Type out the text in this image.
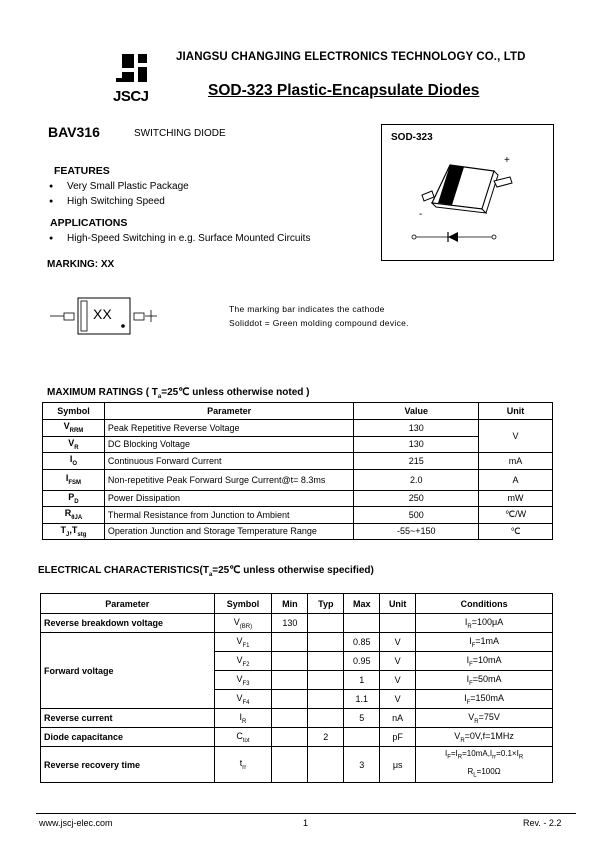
JSCJ
JIANGSU CHANGJING ELECTRONICS TECHNOLOGY CO., LTD
SOD-323 Plastic-Encapsulate Diodes
BAV316	SWITCHING DIODE	SOD-323
+
-
FEATURES
● Very Small Plastic Package
● High Switching Speed
APPLICATIONS
● High-Speed Switching in e.g. Surface Mounted Circuits
MARKING: XX
XX	The marking bar indicates the cathode
Soliddot = Green molding compound device.
MAXIMUM RATINGS ( $T_a=25℃$ unless otherwise noted )
Symbol	Parameter	Value	Unit
$V_{RRM}$	Peak Repetitive Reverse Voltage	130	V
$V_R$	DC Blocking Voltage	130	
$I_O$	Continuous Forward Current	215	mA
$I_{FSM}$	Non-repetitive Peak Forward Surge Current@t= 8.3ms	2.0	A
$P_D$	Power Dissipation	250	mW
$R_{\theta JA}$	Thermal Resistance from Junction to Ambient	500	℃/W
$T_J,T_{stg}$	Operation Junction and Storage Temperature Range	-55~+150	℃
ELECTRICAL $CHARACTERISTICS(T_a=25℃$ unless otherwise specified)
Parameter	Symbol	Min	Typ	Max	Unit	Conditions
Reverse breakdown voltage	$V_{(BR)}$	130				$I_R=100\mu A$
Forward voltage	$V_{F1}$			0.85	V	$I_F=1mA$
	$V_{F2}$			0.95	V	$I_F=10mA$
	$V_{F3}$			1	V	$I_F=50mA$
	$V_{F4}$			1.1	V	$I_F=150mA$
Reverse current	$I_R$			5	nA	$V_R=75V$
Diode capacitance	$C_{tot}$		2		pF	$V_R=0V,f=1MHz$
Reverse recovery time	$t_{rr}$			3	μs	$I_F=I_R=10mA,I_{rr}=0.1\times I_R$
$R_L=100\Omega$
www.jscj-elec.com	1	Rev. - 2.2
